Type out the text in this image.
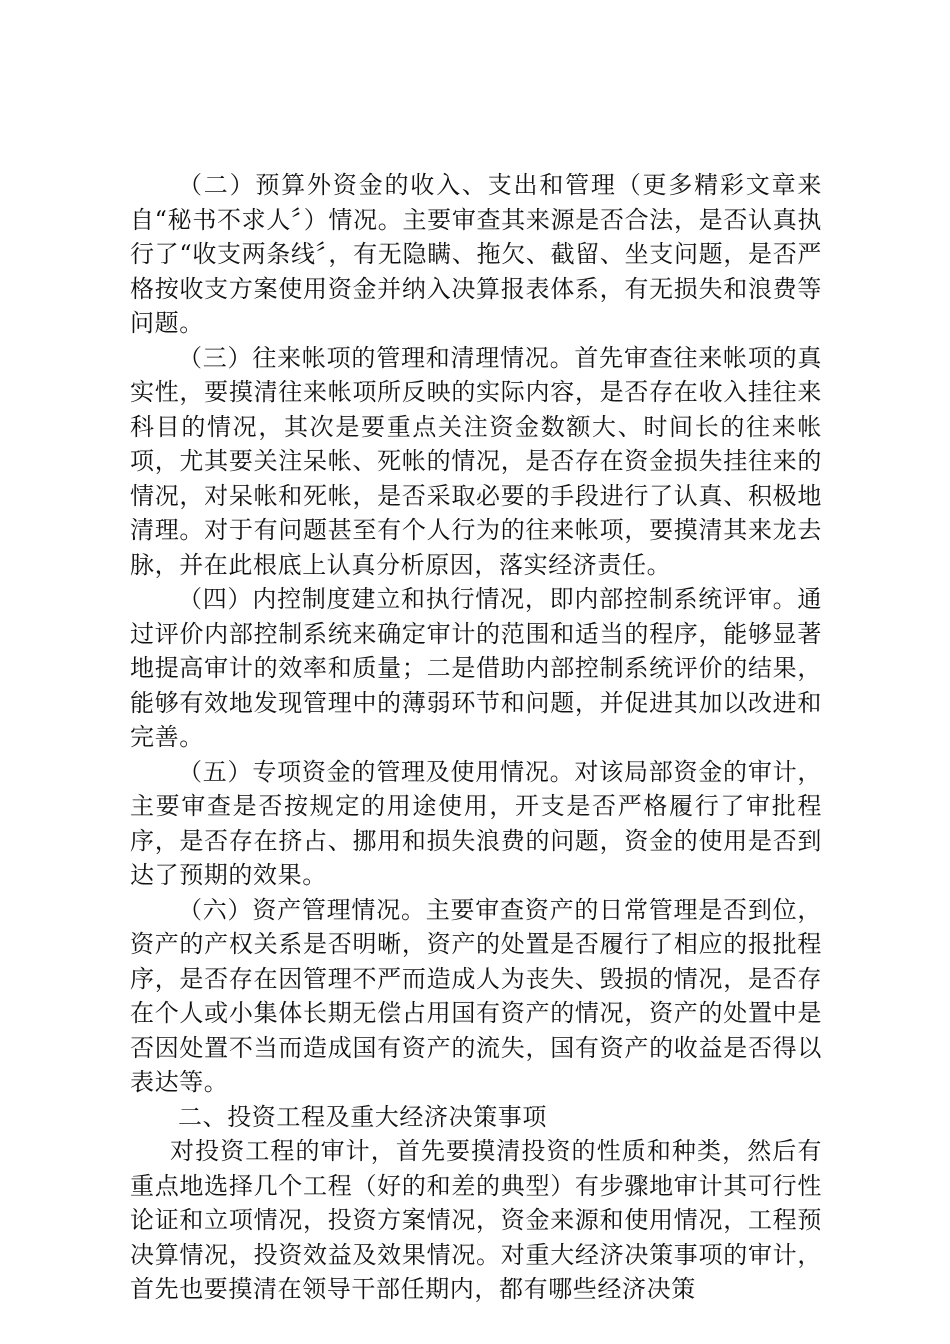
（二）预算外资金的收入、支出和管理（更多精彩文章来自“秘书不求人〞）情况。主要审查其来源是否合法，是否认真执行了“收支两条线〞，有无隐瞒、拖欠、截留、坐支问题，是否严格按收支方案使用资金并纳入决算报表体系，有无损失和浪费等问题。

（三）往来帐项的管理和清理情况。首先审查往来帐项的真实性，要摸清往来帐项所反映的实际内容，是否存在收入挂往来科目的情况，其次是要重点关注资金数额大、时间长的往来帐项，尤其要关注呆帐、死帐的情况，是否存在资金损失挂往来的情况，对呆帐和死帐，是否采取必要的手段进行了认真、积极地清理。对于有问题甚至有个人行为的往来帐项，要摸清其来龙去脉，并在此根底上认真分析原因，落实经济责任。

（四）内控制度建立和执行情况，即内部控制系统评审。通过评价内部控制系统来确定审计的范围和适当的程序，能够显著地提高审计的效率和质量；二是借助内部控制系统评价的结果，能够有效地发现管理中的薄弱环节和问题，并促进其加以改进和完善。

（五）专项资金的管理及使用情况。对该局部资金的审计，主要审查是否按规定的用途使用，开支是否严格履行了审批程序，是否存在挤占、挪用和损失浪费的问题，资金的使用是否到达了预期的效果。

（六）资产管理情况。主要审查资产的日常管理是否到位，资产的产权关系是否明晰，资产的处置是否履行了相应的报批程序，是否存在因管理不严而造成人为丧失、毁损的情况，是否存在个人或小集体长期无偿占用国有资产的情况，资产的处置中是否因处置不当而造成国有资产的流失，国有资产的收益是否得以表达等。

二、投资工程及重大经济决策事项

对投资工程的审计，首先要摸清投资的性质和种类，然后有重点地选择几个工程（好的和差的典型）有步骤地审计其可行性论证和立项情况，投资方案情况，资金来源和使用情况，工程预决算情况，投资效益及效果情况。对重大经济决策事项的审计，首先也要摸清在领导干部任期内，都有哪些经济决策
